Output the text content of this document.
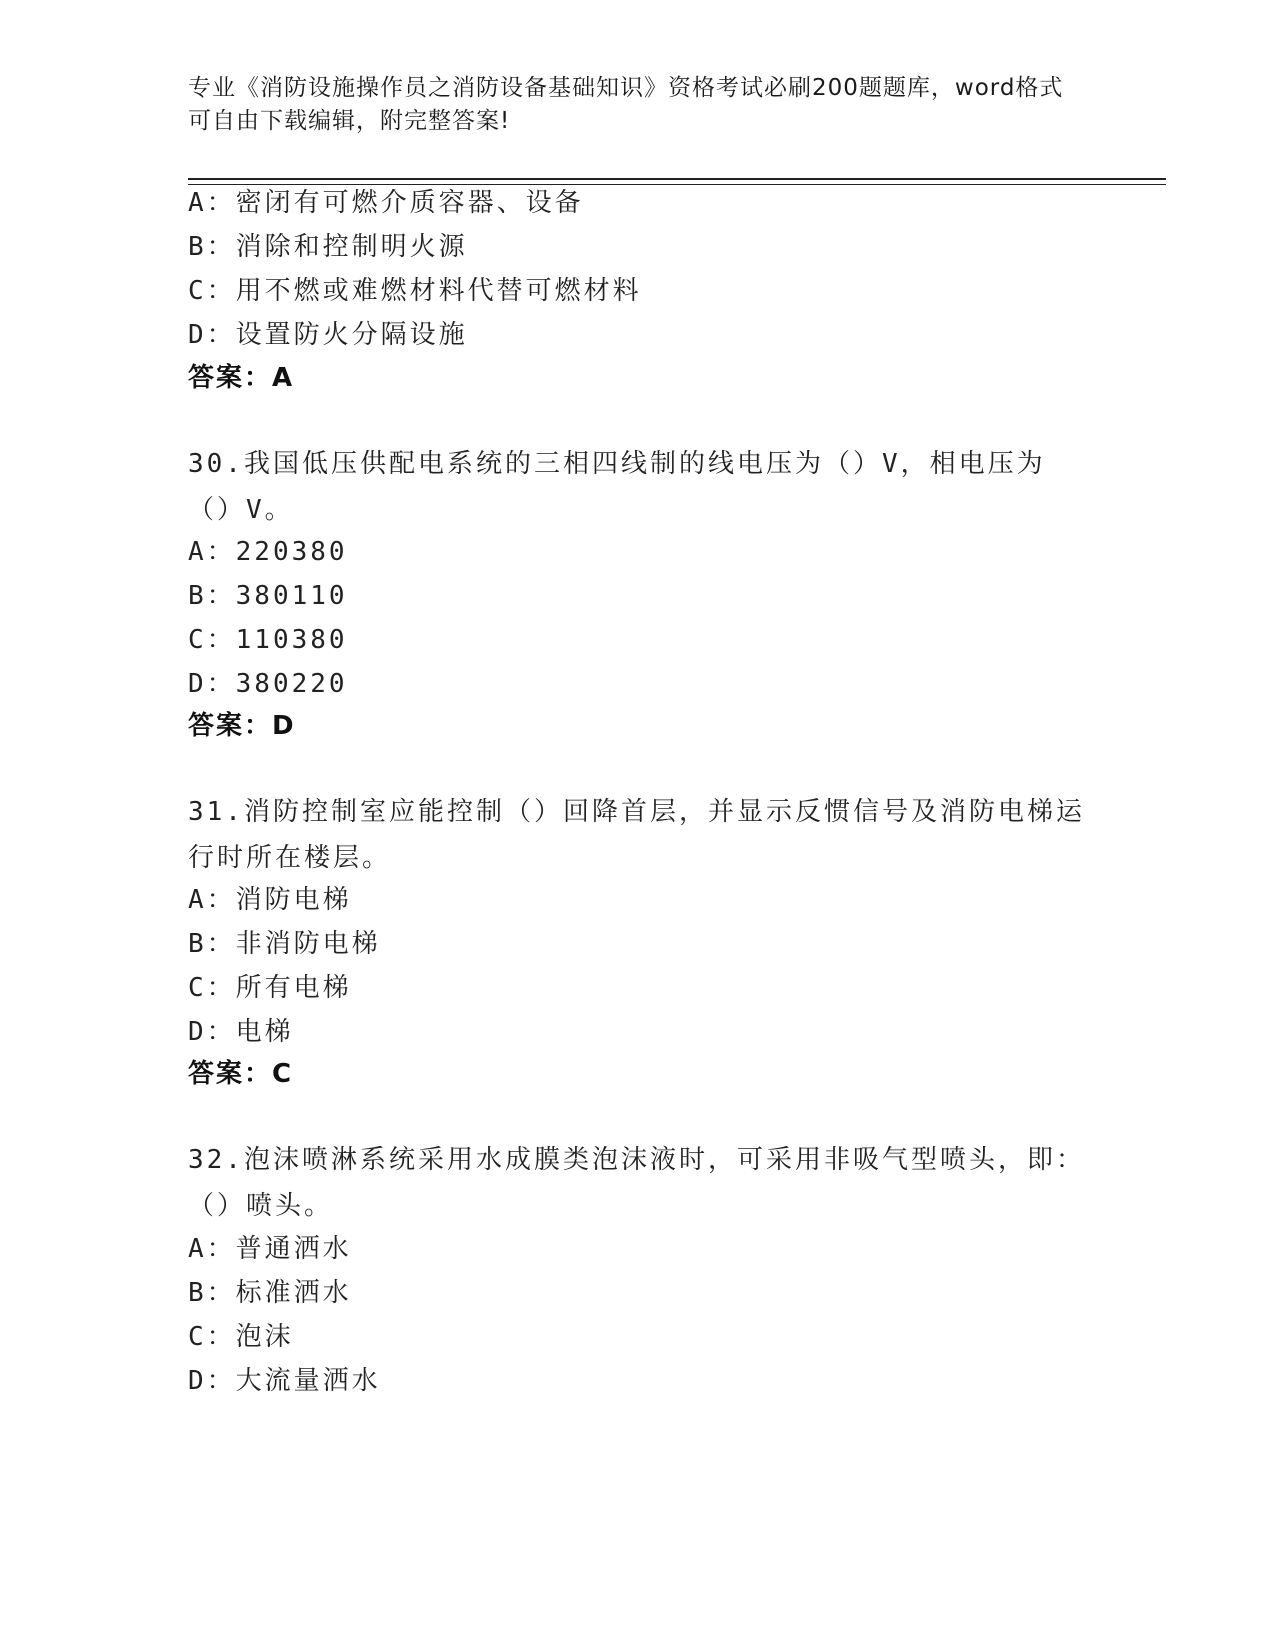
专业《消防设施操作员之消防设备基础知识》资格考试必刷200题题库，word格式可自由下载编辑，附完整答案!
A：密闭有可燃介质容器、设备
B：消除和控制明火源
C：用不燃或难燃材料代替可燃材料
D：设置防火分隔设施
答案：A
30.我国低压供配电系统的三相四线制的线电压为（）V，相电压为（）V。
A：220380
B：380110
C：110380
D：380220
答案：D
31.消防控制室应能控制（）回降首层，并显示反惯信号及消防电梯运行时所在楼层。
A：消防电梯
B：非消防电梯
C：所有电梯
D：电梯
答案：C
32.泡沫喷淋系统采用水成膜类泡沫液时，可采用非吸气型喷头，即：（）喷头。
A：普通洒水
B：标准洒水
C：泡沫
D：大流量洒水
